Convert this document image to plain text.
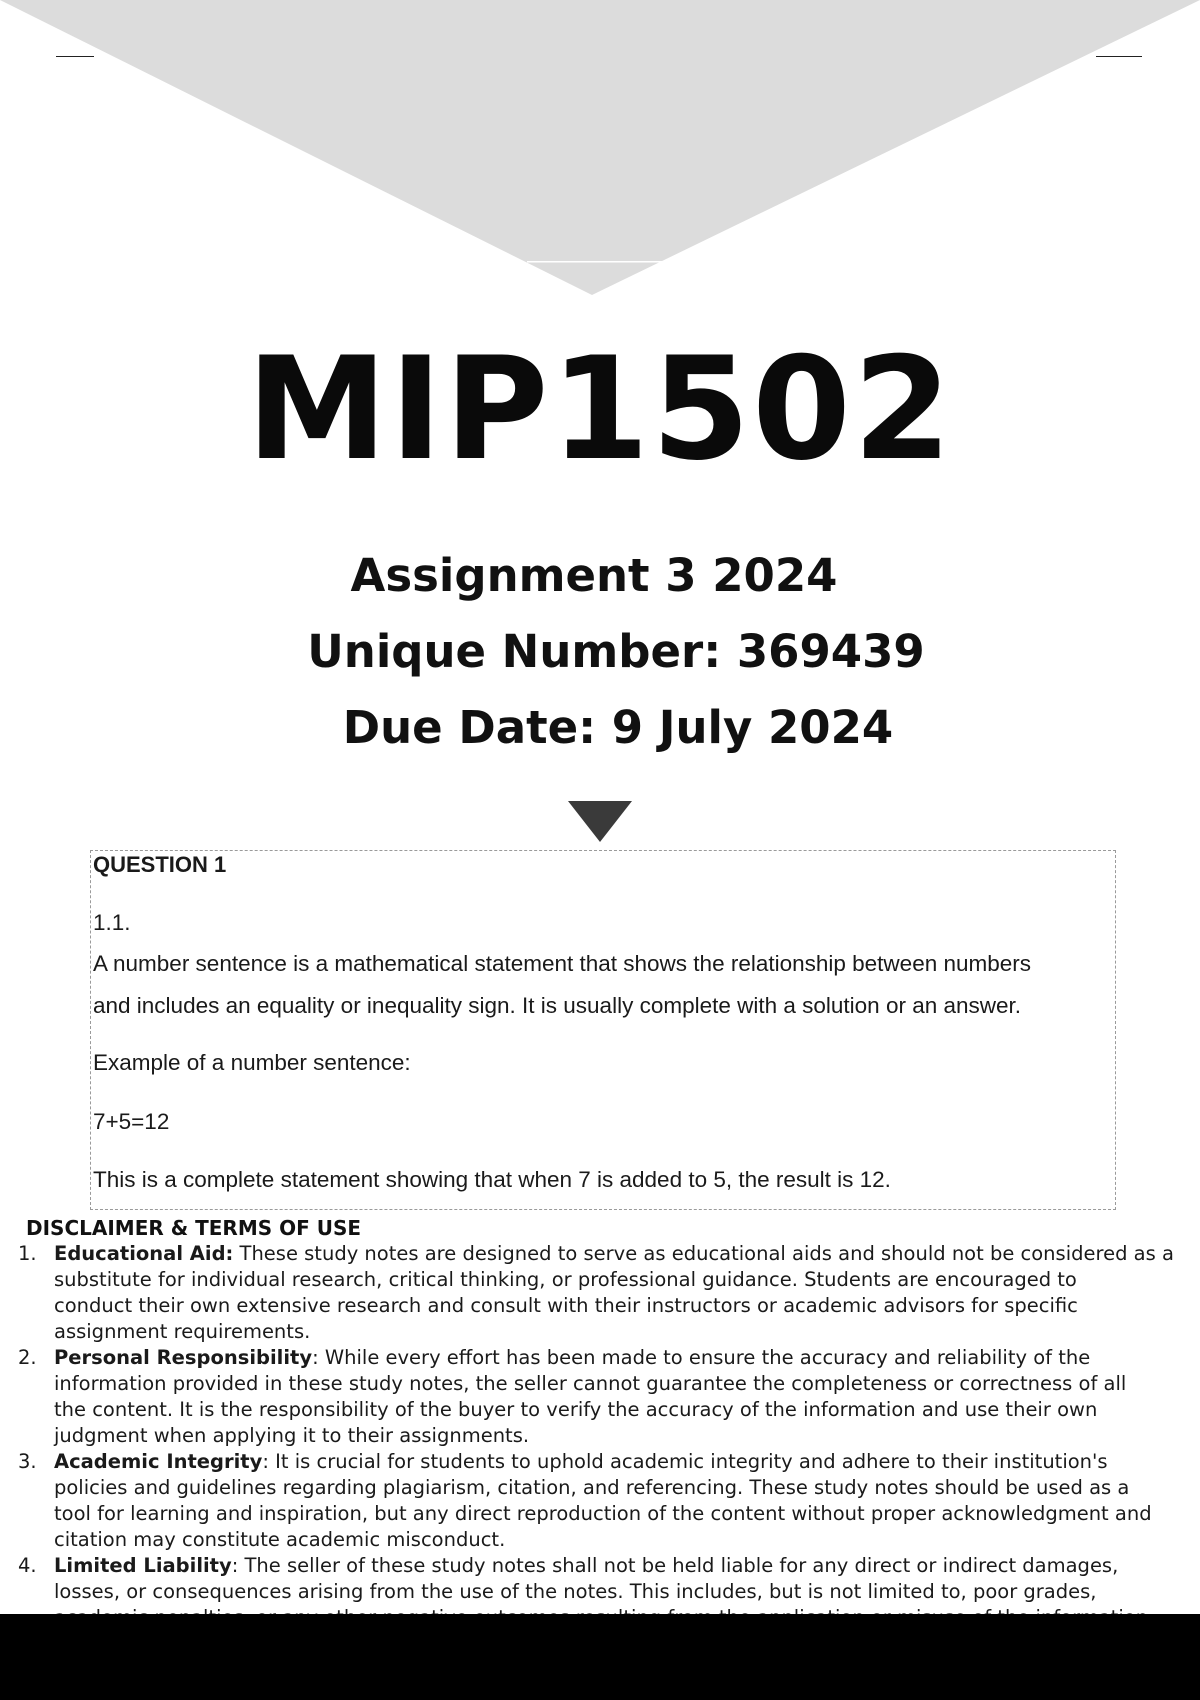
MIP1502
Assignment 3 2024
Unique Number: 369439
Due Date: 9 July 2024
QUESTION 1
1.1.
A number sentence is a mathematical statement that shows the relationship between numbers
and includes an equality or inequality sign. It is usually complete with a solution or an answer.
Example of a number sentence:
7+5=12
This is a complete statement showing that when 7 is added to 5, the result is 12.
DISCLAIMER & TERMS OF USE
1. Educational Aid: These study notes are designed to serve as educational aids and should not be considered as a
substitute for individual research, critical thinking, or professional guidance. Students are encouraged to
conduct their own extensive research and consult with their instructors or academic advisors for specific
assignment requirements.
2. Personal Responsibility: While every effort has been made to ensure the accuracy and reliability of the
information provided in these study notes, the seller cannot guarantee the completeness or correctness of all
the content. It is the responsibility of the buyer to verify the accuracy of the information and use their own
judgment when applying it to their assignments.
3. Academic Integrity: It is crucial for students to uphold academic integrity and adhere to their institution's
policies and guidelines regarding plagiarism, citation, and referencing. These study notes should be used as a
tool for learning and inspiration, but any direct reproduction of the content without proper acknowledgment and
citation may constitute academic misconduct.
4. Limited Liability: The seller of these study notes shall not be held liable for any direct or indirect damages,
losses, or consequences arising from the use of the notes. This includes, but is not limited to, poor grades,
